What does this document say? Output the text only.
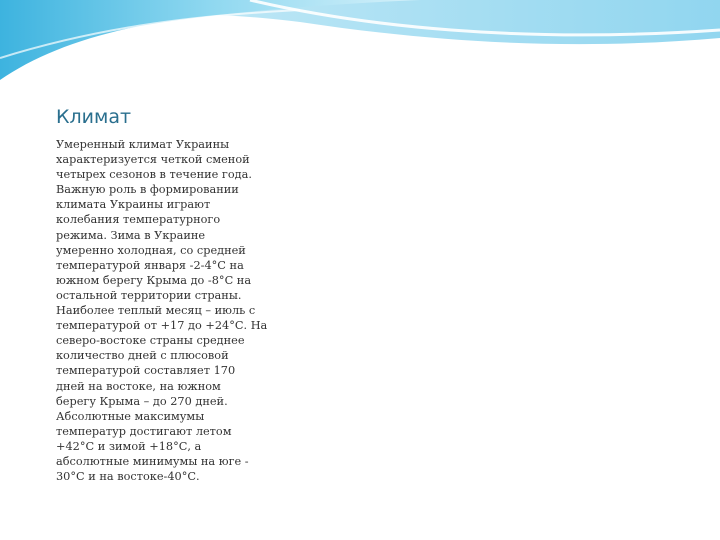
Климат

Умеренный климат Украины
характеризуется четкой сменой
четырех сезонов в течение года.
Важную роль в формировании
климата Украины играют
колебания температурного
режима. Зима в Украине
умеренно холодная, со средней
температурой января -2-4°С на
южном берегу Крыма до -8°С на
остальной территории страны.
Наиболее теплый месяц – июль с
температурой от +17 до +24°С. На
северо-востоке страны среднее
количество дней с плюсовой
температурой составляет 170
дней на востоке, на южном
берегу Крыма – до 270 дней.
Абсолютные максимумы
температур достигают летом
+42°С и зимой +18°С, а
абсолютные минимумы на юге -
30°С и на востоке-40°С.
